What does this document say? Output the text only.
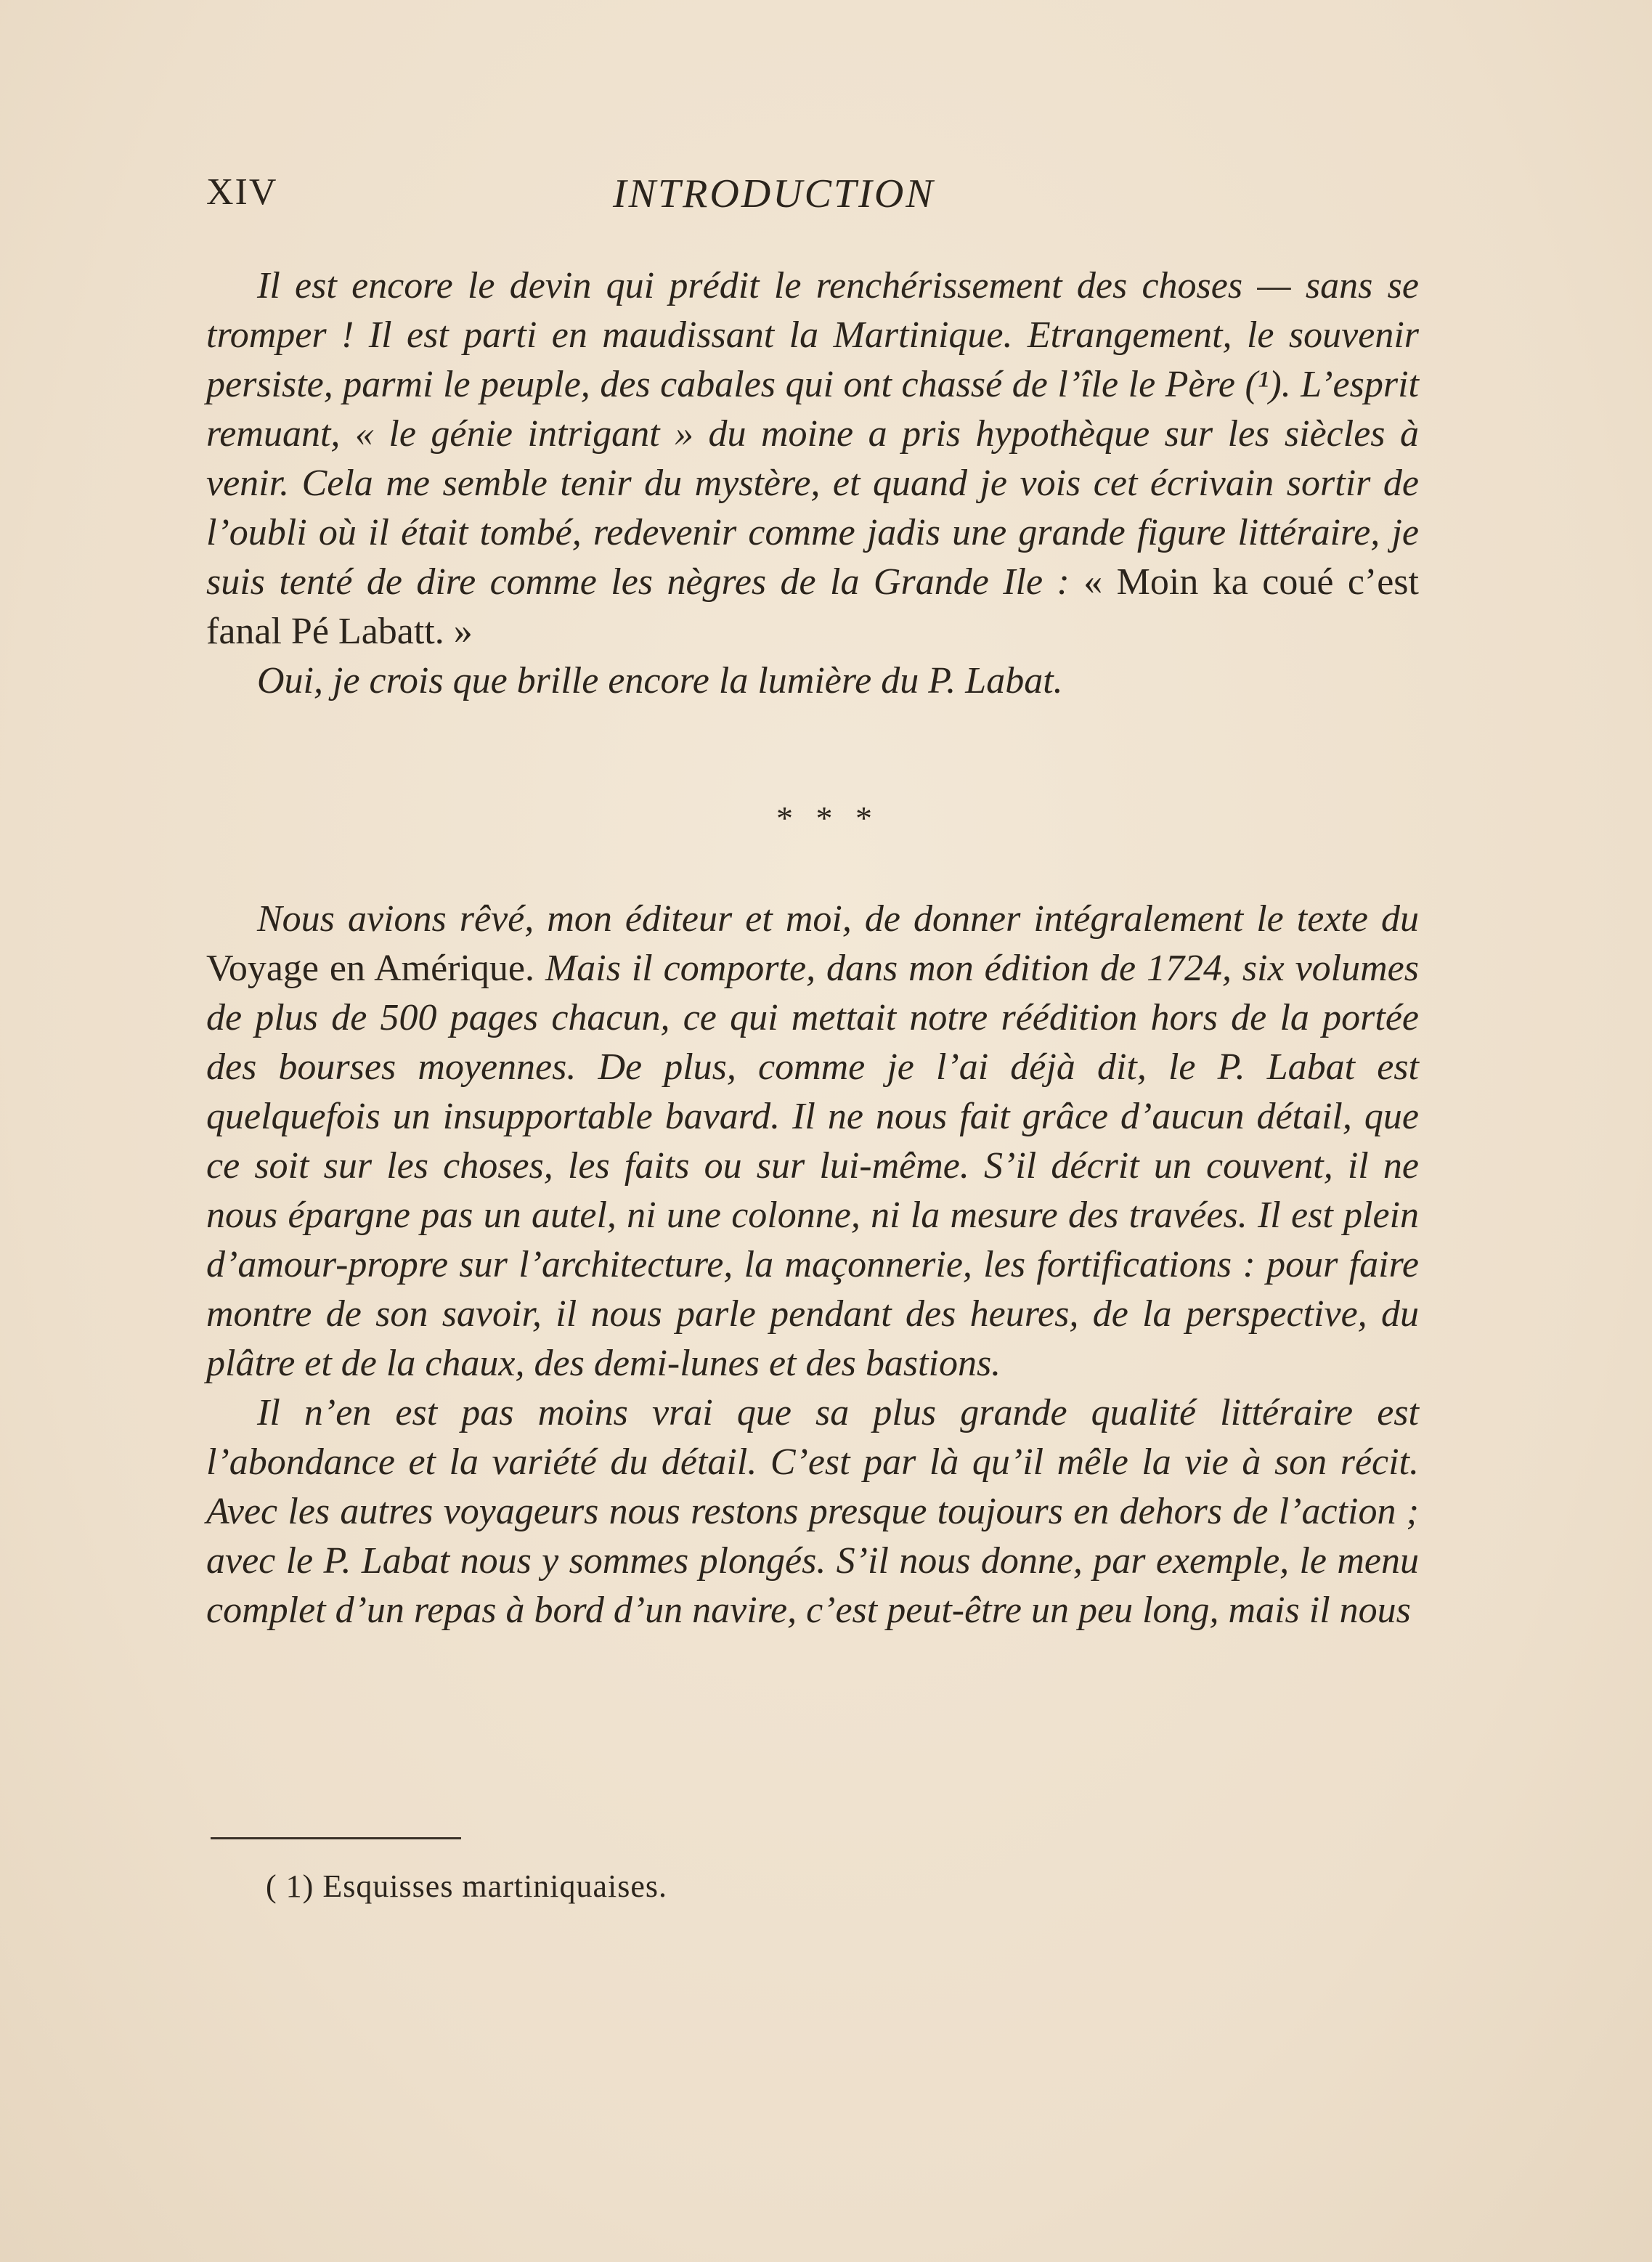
XIV	INTRODUCTION

Il est encore le devin qui prédit le renchérissement des choses — sans se tromper ! Il est parti en maudissant la Martinique. Etrangement, le souvenir persiste, parmi le peuple, des cabales qui ont chassé de l’île le Père (¹). L’esprit remuant, « le génie intrigant » du moine a pris hypothèque sur les siècles à venir. Cela me semble tenir du mystère, et quand je vois cet écrivain sortir de l’oubli où il était tombé, redevenir comme jadis une grande figure littéraire, je suis tenté de dire comme les nègres de la Grande Ile : « Moin ka coué c’est fanal Pé Labatt. »

Oui, je crois que brille encore la lumière du P. Labat.

* * *

Nous avions rêvé, mon éditeur et moi, de donner intégralement le texte du Voyage en Amérique. Mais il comporte, dans mon édition de 1724, six volumes de plus de 500 pages chacun, ce qui mettait notre réédition hors de la portée des bourses moyennes. De plus, comme je l’ai déjà dit, le P. Labat est quelquefois un insupportable bavard. Il ne nous fait grâce d’aucun détail, que ce soit sur les choses, les faits ou sur lui-même. S’il décrit un couvent, il ne nous épargne pas un autel, ni une colonne, ni la mesure des travées. Il est plein d’amour-propre sur l’architecture, la maçonnerie, les fortifications : pour faire montre de son savoir, il nous parle pendant des heures, de la perspective, du plâtre et de la chaux, des demi-lunes et des bastions.

Il n’en est pas moins vrai que sa plus grande qualité littéraire est l’abondance et la variété du détail. C’est par là qu’il mêle la vie à son récit. Avec les autres voyageurs nous restons presque toujours en dehors de l’action ; avec le P. Labat nous y sommes plongés. S’il nous donne, par exemple, le menu complet d’un repas à bord d’un navire, c’est peut-être un peu long, mais il nous

( 1) Esquisses martiniquaises.
